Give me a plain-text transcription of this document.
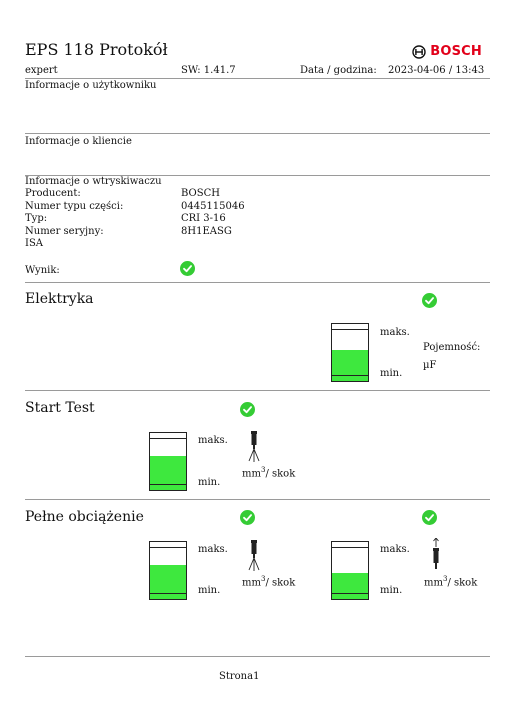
EPS 118 Protokół	BOSCH
expert	SW: 1.41.7	Data / godzina: 2023-04-06 / 13:43
Informacje o użytkowniku
Informacje o kliencie
Informacje o wtryskiwaczu
Producent:	BOSCH
Numer typu części:	0445115046
Typ:	CRI 3-16
Numer seryjny:	8H1EASG
ISA
Wynik:
Elektryka
maks.
min.
Pojemność:
µF
Start Test
maks.
min.
$mm^3/$ skok
Pełne obciążenie
maks.
min.
$mm^3/$ skok
maks.
min.
$mm^3/$ skok
Strona1
